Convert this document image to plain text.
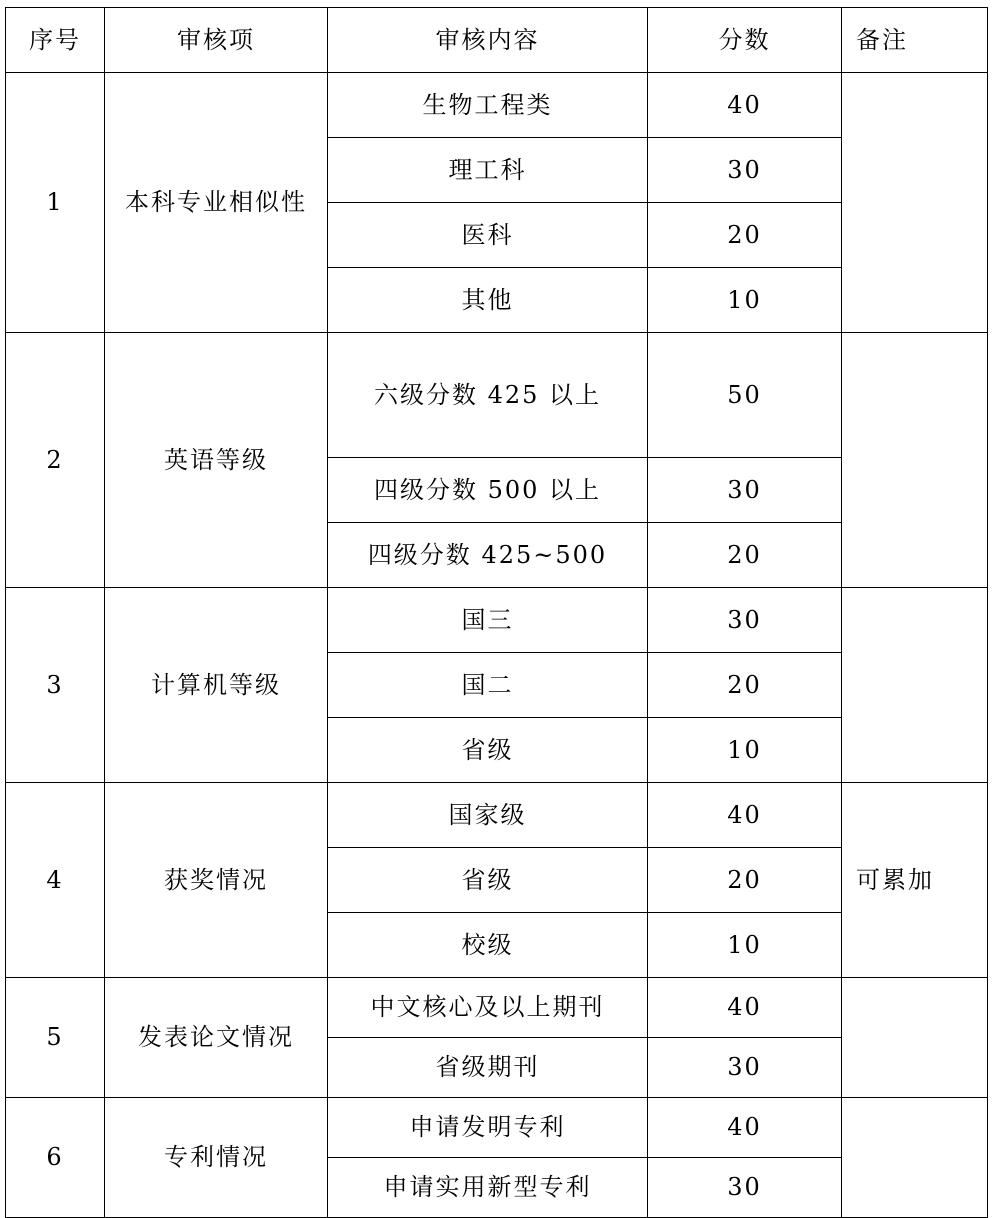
序号	审核项	审核内容	分数	备注
1	本科专业相似性	生物工程类	40	
		理工科	30	
		医科	20	
		其他	10	
2	英语等级	六级分数 425 以上	50	
		四级分数 500 以上	30	
		四级分数 425~500	20	
3	计算机等级	国三	30	
		国二	20	
		省级	10	
4	获奖情况	国家级	40	可累加
		省级	20	
		校级	10	
5	发表论文情况	中文核心及以上期刊	40	
		省级期刊	30	
6	专利情况	申请发明专利	40	
		申请实用新型专利	30	
